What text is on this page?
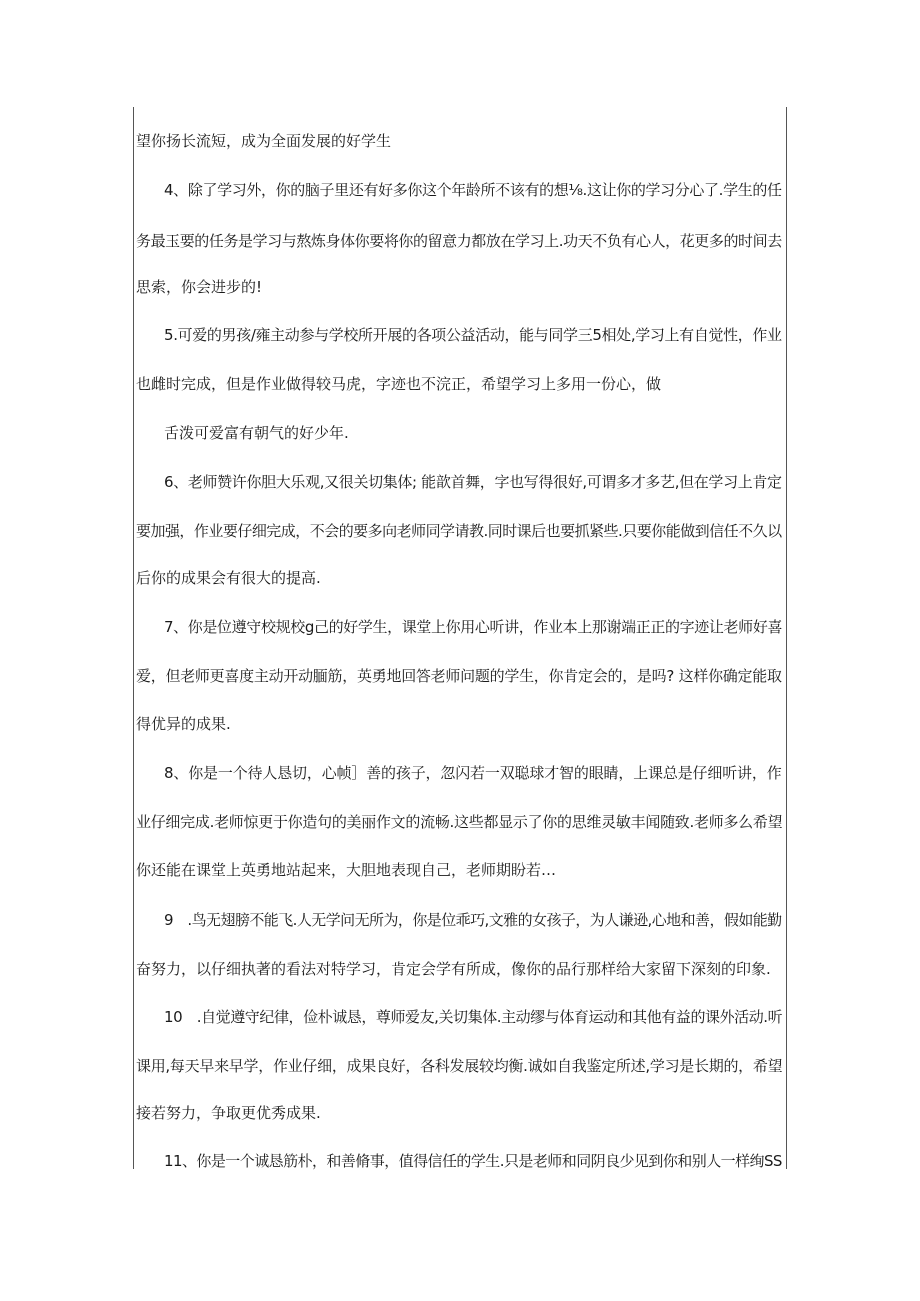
望你扬长流短，成为全面发展的好学生
4、除了学习外，你的脑子里还有好多你这个年龄所不该有的想⅛.这让你的学习分心了.学生的任
务最玉要的任务是学习与熬炼身体你要将你的留意力都放在学习上.功天不负有心人，花更多的时间去
思索，你会进步的!
5.可爱的男孩/雍主动参与学校所开展的各项公益活动，能与同学三5相处,学习上有自觉性，作业
也雌时完成，但是作业做得较马虎，字迹也不浣正，希望学习上多用一份心，做
舌泼可爱富有朝气的好少年.
6、老师赞许你胆大乐观,又很关切集体; 能歆首舞，字也写得很好,可谓多才多艺,但在学习上肯定
要加强，作业要仔细完成，不会的要多向老师同学请教.同时课后也要抓紧些.只要你能做到信任不久以
后你的成果会有很大的提高.
7、你是位遵守校规校g己的好学生，课堂上你用心听讲，作业本上那谢端正正的字迹让老师好喜
爱，但老师更喜度主动开动腼筋，英勇地回答老师问题的学生，你肯定会的，是吗? 这样你确定能取
得优异的成果.
8、你是一个待人恳切，心帧］善的孩子，忽闪若一双聪球才智的眼睛，上课总是仔细听讲，作
业仔细完成.老师惊更于你造句的美丽作文的流畅.这些都显示了你的思维灵敏丰闻随致.老师多么希望
你还能在课堂上英勇地站起来，大胆地表现自己，老师期盼若…
9　.鸟无翅膀不能飞.人无学问无所为，你是位乖巧,文雅的女孩子，为人谦逊,心地和善，假如能勤
奋努力，以仔细执著的看法对特学习，肯定会学有所成，像你的品行那样给大家留下深刻的印象.
10　.自觉遵守纪律，俭朴诚恳，尊师爱友,关切集体.主动缪与体育运动和其他有益的课外活动.听
课用,每天早来早学，作业仔细，成果良好，各科发展较均衡.诚如自我鉴定所述,学习是长期的，希望
接若努力，争取更优秀成果.
11、你是一个诚恳筋朴，和善脩事，值得信任的学生.只是老师和同阴良少见到你和别人一样绚SS
